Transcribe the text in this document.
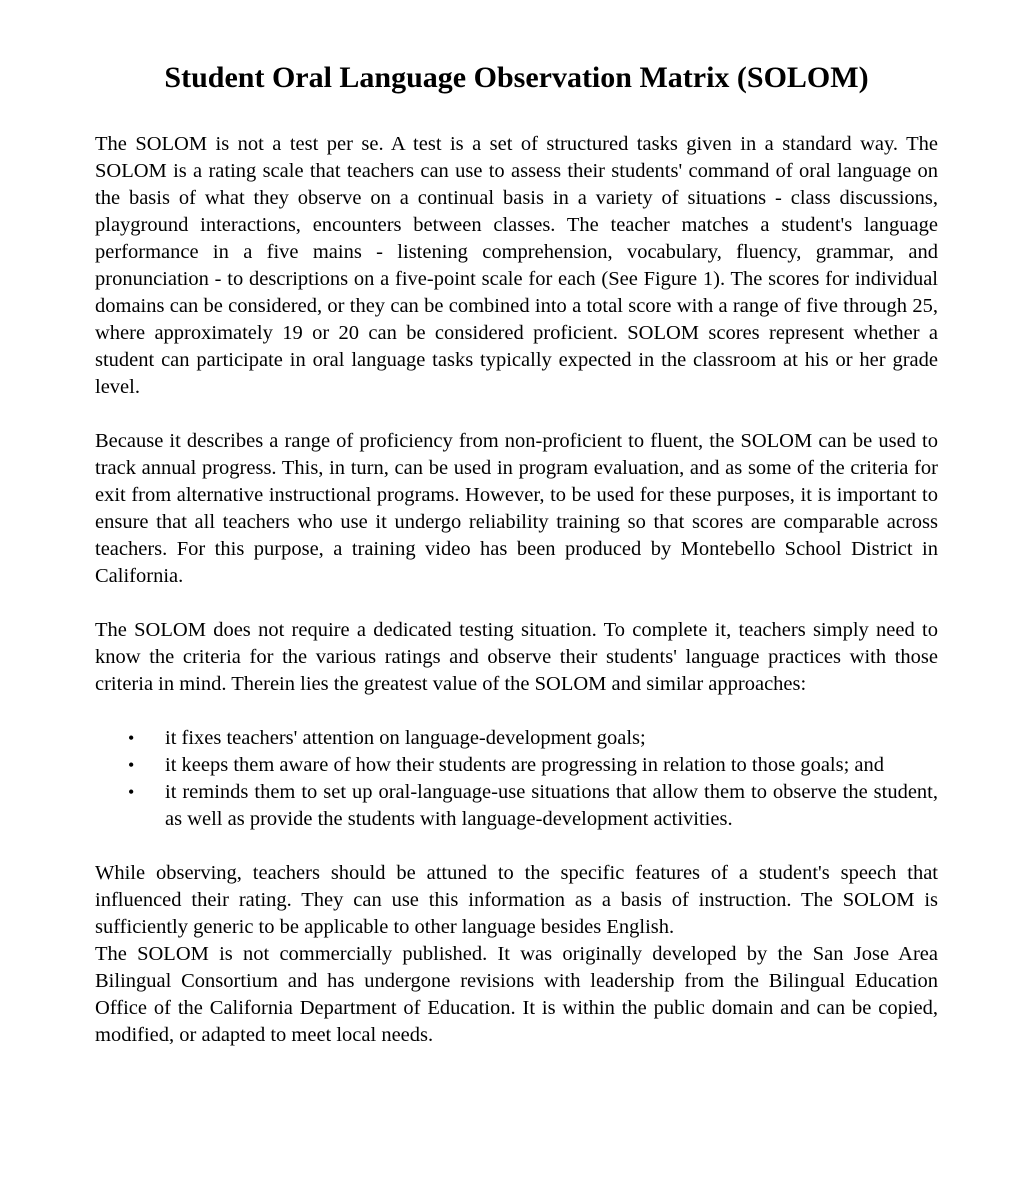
Student Oral Language Observation Matrix (SOLOM)

The SOLOM is not a test per se. A test is a set of structured tasks given in a standard way. The SOLOM is a rating scale that teachers can use to assess their students' command of oral language on the basis of what they observe on a continual basis in a variety of situations - class discussions, playground interactions, encounters between classes. The teacher matches a student's language performance in a five mains - listening comprehension, vocabulary, fluency, grammar, and pronunciation - to descriptions on a five-point scale for each (See Figure 1). The scores for individual domains can be considered, or they can be combined into a total score with a range of five through 25, where approximately 19 or 20 can be considered proficient. SOLOM scores represent whether a student can participate in oral language tasks typically expected in the classroom at his or her grade level.

Because it describes a range of proficiency from non-proficient to fluent, the SOLOM can be used to track annual progress. This, in turn, can be used in program evaluation, and as some of the criteria for exit from alternative instructional programs. However, to be used for these purposes, it is important to ensure that all teachers who use it undergo reliability training so that scores are comparable across teachers. For this purpose, a training video has been produced by Montebello School District in California.

The SOLOM does not require a dedicated testing situation. To complete it, teachers simply need to know the criteria for the various ratings and observe their students' language practices with those criteria in mind. Therein lies the greatest value of the SOLOM and similar approaches:

• it fixes teachers' attention on language-development goals;
• it keeps them aware of how their students are progressing in relation to those goals; and
• it reminds them to set up oral-language-use situations that allow them to observe the student, as well as provide the students with language-development activities.

While observing, teachers should be attuned to the specific features of a student's speech that influenced their rating. They can use this information as a basis of instruction. The SOLOM is sufficiently generic to be applicable to other language besides English.

The SOLOM is not commercially published. It was originally developed by the San Jose Area Bilingual Consortium and has undergone revisions with leadership from the Bilingual Education Office of the California Department of Education. It is within the public domain and can be copied, modified, or adapted to meet local needs.
